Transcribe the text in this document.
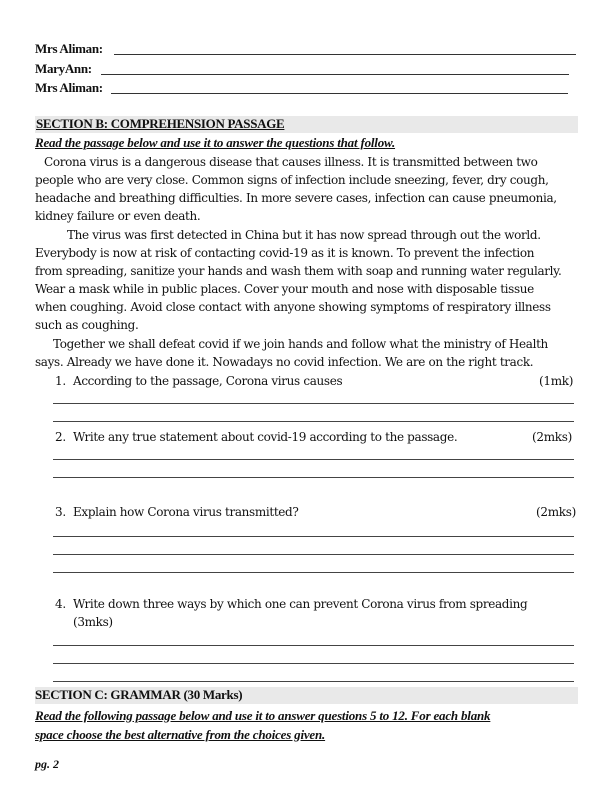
Mrs Aliman:
MaryAnn:
Mrs Aliman:
SECTION B: COMPREHENSION PASSAGE
Read the passage below and use it to answer the questions that follow.
Corona virus is a dangerous disease that causes illness. It is transmitted between two
people who are very close. Common signs of infection include sneezing, fever, dry cough,
headache and breathing difficulties. In more severe cases, infection can cause pneumonia,
kidney failure or even death.
The virus was first detected in China but it has now spread through out the world.
Everybody is now at risk of contacting covid-19 as it is known. To prevent the infection
from spreading, sanitize your hands and wash them with soap and running water regularly.
Wear a mask while in public places. Cover your mouth and nose with disposable tissue
when coughing. Avoid close contact with anyone showing symptoms of respiratory illness
such as coughing.
Together we shall defeat covid if we join hands and follow what the ministry of Health
says. Already we have done it. Nowadays no covid infection. We are on the right track.
1. According to the passage, Corona virus causes	(1mk)
2. Write any true statement about covid-19 according to the passage.	(2mks)
3. Explain how Corona virus transmitted?	(2mks)
4. Write down three ways by which one can prevent Corona virus from spreading
(3mks)
SECTION C: GRAMMAR (30 Marks)
Read the following passage below and use it to answer questions 5 to 12. For each blank
space choose the best alternative from the choices given.
pg. 2
